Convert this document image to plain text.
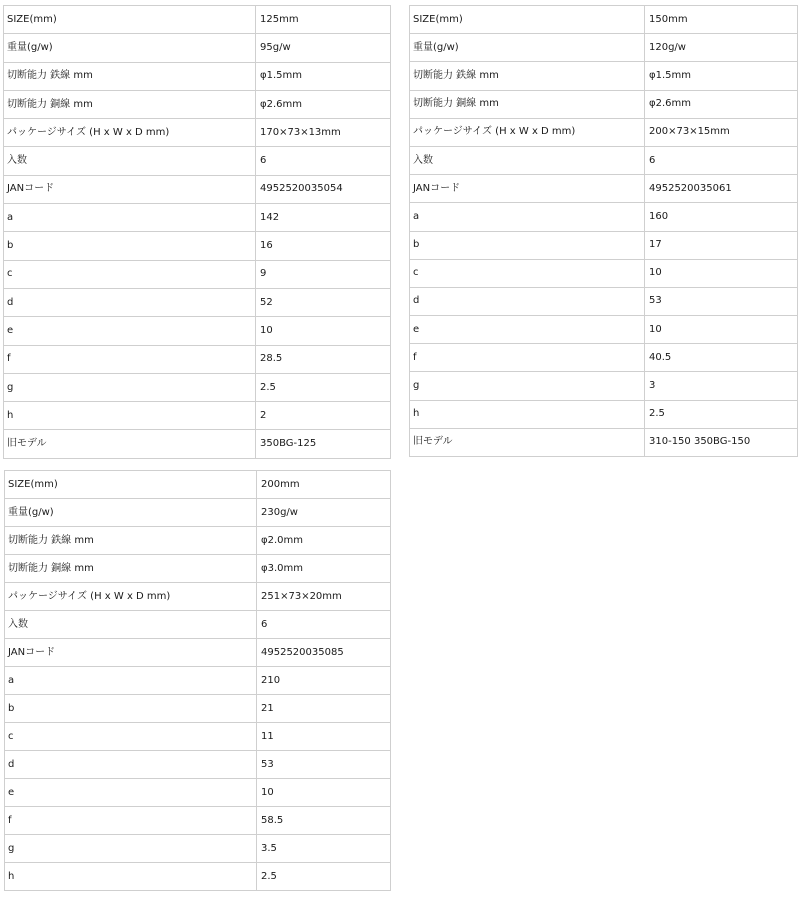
SIZE(mm)	125mm
重量(g/w)	95g/w
切断能力 鉄線 mm	φ1.5mm
切断能力 銅線 mm	φ2.6mm
パッケージサイズ (H x W x D mm)	170×73×13mm
入数	6
JANコード	4952520035054
a	142
b	16
c	9
d	52
e	10
f	28.5
g	2.5
h	2
旧モデル	350BG-125
SIZE(mm)	150mm
重量(g/w)	120g/w
切断能力 鉄線 mm	φ1.5mm
切断能力 銅線 mm	φ2.6mm
パッケージサイズ (H x W x D mm)	200×73×15mm
入数	6
JANコード	4952520035061
a	160
b	17
c	10
d	53
e	10
f	40.5
g	3
h	2.5
旧モデル	310-150 350BG-150
SIZE(mm)	200mm
重量(g/w)	230g/w
切断能力 鉄線 mm	φ2.0mm
切断能力 銅線 mm	φ3.0mm
パッケージサイズ (H x W x D mm)	251×73×20mm
入数	6
JANコード	4952520035085
a	210
b	21
c	11
d	53
e	10
f	58.5
g	3.5
h	2.5
